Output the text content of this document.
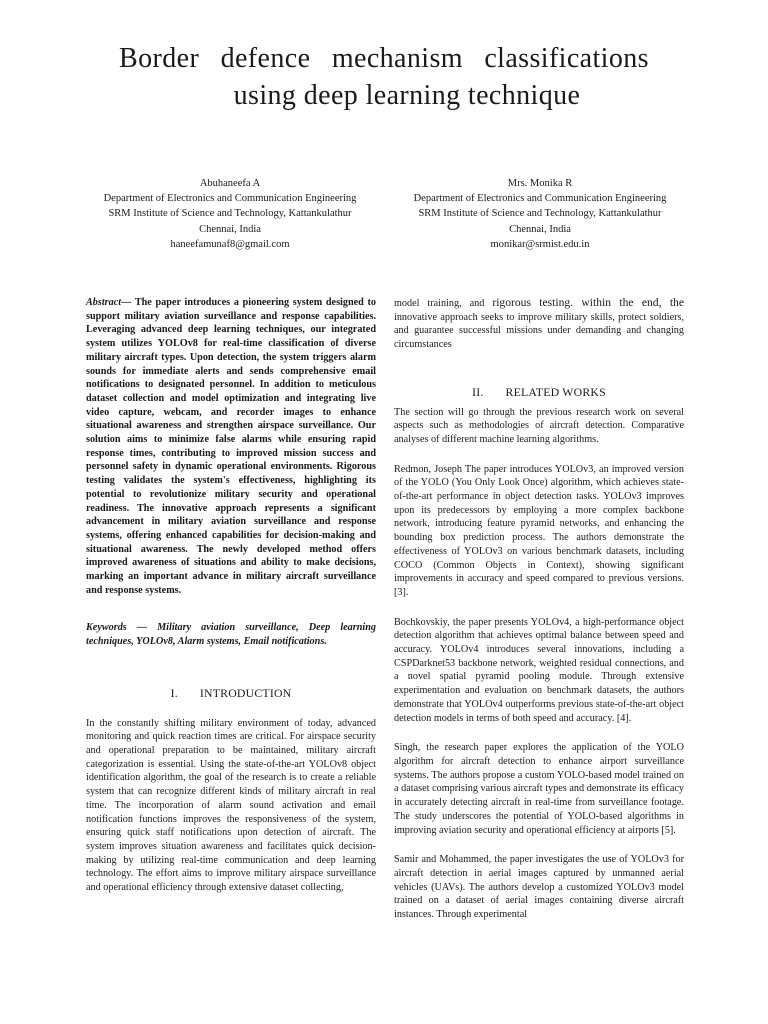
Border defence mechanism classifications
using deep learning technique
Abuhaneefa A
Department of Electronics and Communication Engineering
SRM Institute of Science and Technology, Kattankulathur
Chennai, India
haneefamunaf8@gmail.com
Mrs. Monika R
Department of Electronics and Communication Engineering
SRM Institute of Science and Technology, Kattankulathur
Chennai, India
monikar@srmist.edu.in

Abstract— The paper introduces a pioneering system designed to support military aviation surveillance and response capabilities. Leveraging advanced deep learning techniques, our integrated system utilizes YOLOv8 for real-time classification of diverse military aircraft types. Upon detection, the system triggers alarm sounds for immediate alerts and sends comprehensive email notifications to designated personnel. In addition to meticulous dataset collection and model optimization and integrating live video capture, webcam, and recorder images to enhance situational awareness and strengthen airspace surveillance. Our solution aims to minimize false alarms while ensuring rapid response times, contributing to improved mission success and personnel safety in dynamic operational environments. Rigorous testing validates the system's effectiveness, highlighting its potential to revolutionize military security and operational readiness. The innovative approach represents a significant advancement in military aviation surveillance and response systems, offering enhanced capabilities for decision-making and situational awareness. The newly developed method offers improved awareness of situations and ability to make decisions, marking an important advance in military aircraft surveillance and response systems.

Keywords — Military aviation surveillance, Deep learning techniques, YOLOv8, Alarm systems, Email notifications.

I. INTRODUCTION

In the constantly shifting military environment of today, advanced monitoring and quick reaction times are critical. For airspace security and operational preparation to be maintained, military aircraft categorization is essential. Using the state-of-the-art YOLOv8 object identification algorithm, the goal of the research is to create a reliable system that can recognize different kinds of military aircraft in real time. The incorporation of alarm sound activation and email notification functions improves the responsiveness of the system, ensuring quick staff notifications upon detection of aircraft. The system improves situation awareness and facilitates quick decision-making by utilizing real-time communication and deep learning technology. The effort aims to improve military airspace surveillance and operational efficiency through extensive dataset collecting,

model training, and rigorous testing. within the end, the innovative approach seeks to improve military skills, protect soldiers, and guarantee successful missions under demanding and changing circumstances

II. RELATED WORKS

The section will go through the previous research work on several aspects such as methodologies of aircraft detection. Comparative analyses of different machine learning algorithms.

Redmon, Joseph The paper introduces YOLOv3, an improved version of the YOLO (You Only Look Once) algorithm, which achieves state-of-the-art performance in object detection tasks. YOLOv3 improves upon its predecessors by employing a more complex backbone network, introducing feature pyramid networks, and enhancing the bounding box prediction process. The authors demonstrate the effectiveness of YOLOv3 on various benchmark datasets, including COCO (Common Objects in Context), showing significant improvements in accuracy and speed compared to previous versions.[3].

Bochkovskiy, the paper presents YOLOv4, a high-performance object detection algorithm that achieves optimal balance between speed and accuracy. YOLOv4 introduces several innovations, including a CSPDarknet53 backbone network, weighted residual connections, and a novel spatial pyramid pooling module. Through extensive experimentation and evaluation on benchmark datasets, the authors demonstrate that YOLOv4 outperforms previous state-of-the-art object detection models in terms of both speed and accuracy. [4].

Singh, the research paper explores the application of the YOLO algorithm for aircraft detection to enhance airport surveillance systems. The authors propose a custom YOLO-based model trained on a dataset comprising various aircraft types and demonstrate its efficacy in accurately detecting aircraft in real-time from surveillance footage. The study underscores the potential of YOLO-based algorithms in improving aviation security and operational efficiency at airports [5].

Samir and Mohammed, the paper investigates the use of YOLOv3 for aircraft detection in aerial images captured by unmanned aerial vehicles (UAVs). The authors develop a customized YOLOv3 model trained on a dataset of aerial images containing diverse aircraft instances. Through experimental
